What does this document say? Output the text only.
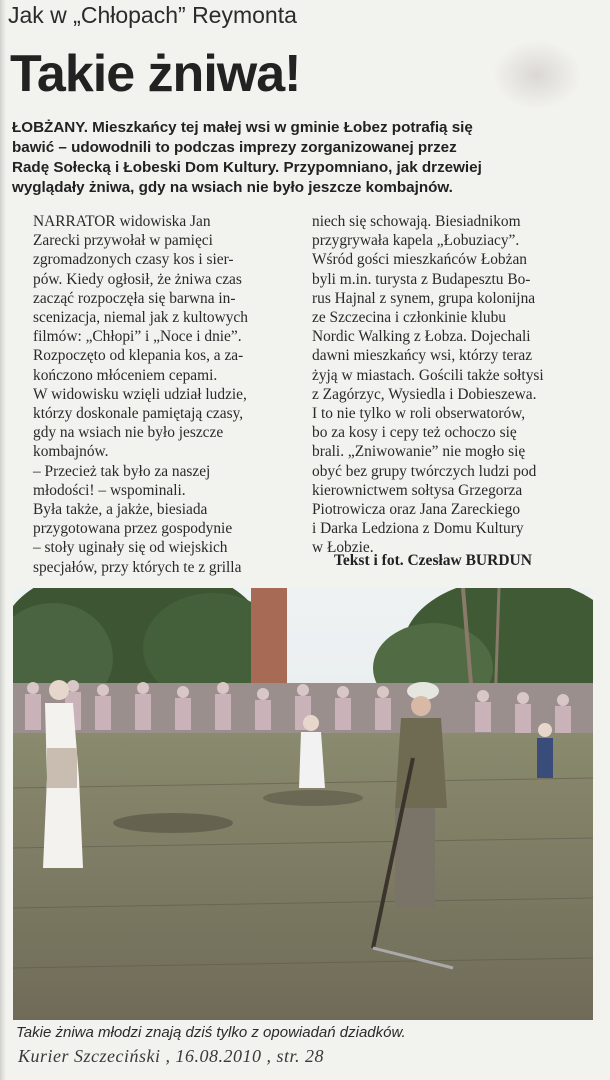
Jak w „Chłopach” Reymonta
Takie żniwa!
ŁOBŻANY. Mieszkańcy tej małej wsi w gminie Łobez potrafią się
bawić – udowodnili to podczas imprezy zorganizowanej przez
Radę Sołecką i Łobeski Dom Kultury. Przypomniano, jak drzewiej
wyglądały żniwa, gdy na wsiach nie było jeszcze kombajnów.
NARRATOR widowiska Jan
Zarecki przywołał w pamięci
zgromadzonych czasy kos i sier-
pów. Kiedy ogłosił, że żniwa czas
zacząć rozpoczęła się barwna in-
scenizacja, niemal jak z kultowych
filmów: „Chłopi” i „Noce i dnie”.
Rozpoczęto od klepania kos, a za-
kończono młóceniem cepami.
W widowisku wzięli udział ludzie,
którzy doskonale pamiętają czasy,
gdy na wsiach nie było jeszcze
kombajnów.
– Przecież tak było za naszej
młodości! – wspominali.
Była także, a jakże, biesiada
przygotowana przez gospodynie
– stoły uginały się od wiejskich
specjałów, przy których te z grilla
niech się schowają. Biesiadnikom
przygrywała kapela „Łobuziacy”.
Wśród gości mieszkańców Łobżan
byli m.in. turysta z Budapesztu Bo-
rus Hajnal z synem, grupa kolonijna
ze Szczecina i członkinie klubu
Nordic Walking z Łobza. Dojechali
dawni mieszkańcy wsi, którzy teraz
żyją w miastach. Gościli także sołtysi
z Zagórzyc, Wysiedla i Dobieszewa.
I to nie tylko w roli obserwatorów,
bo za kosy i cepy też ochoczo się
brali. „Zniwowanie” nie mogło się
obyć bez grupy twórczych ludzi pod
kierownictwem sołtysa Grzegorza
Piotrowicza oraz Jana Zareckiego
i Darka Ledziona z Domu Kultury
w Łobzie.
Tekst i fot. Czesław BURDUN
Takie żniwa młodzi znają dziś tylko z opowiadań dziadków.
Kurier Szczeciński , 16.08.2010 , str. 28
